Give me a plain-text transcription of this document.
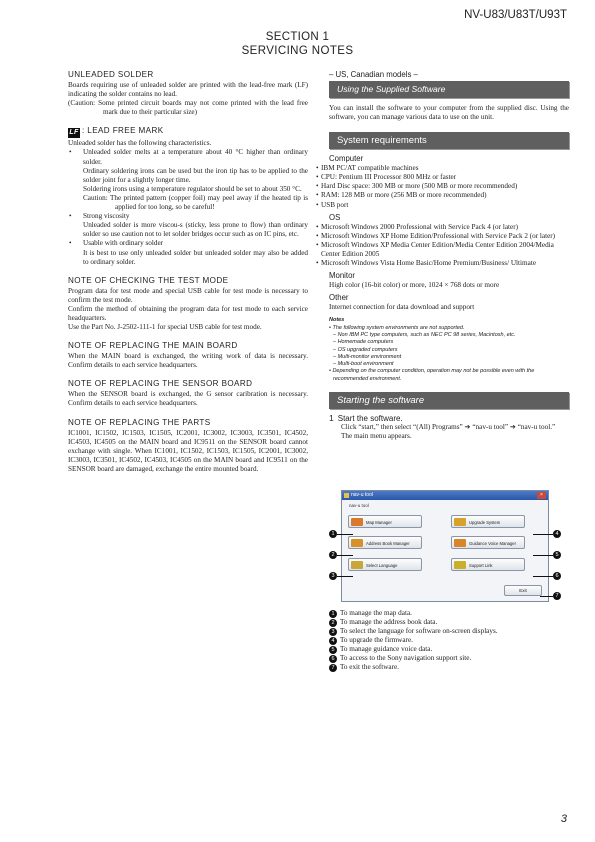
NV-U83/U83T/U93T
SECTION 1
SERVICING NOTES
UNLEADED SOLDER

Boards requiring use of unleaded solder are printed with the lead-free mark (LF) indicating the solder contains no lead.

(Caution: Some printed circuit boards may not come printed with the lead free mark due to their particular size)

LF : LEAD FREE MARK

Unleaded solder has the following characteristics.

• Unleaded solder melts at a temperature about 40 °C higher than ordinary solder.
Ordinary soldering irons can be used but the iron tip has to be applied to the solder joint for a slightly longer time.
Soldering irons using a temperature regulator should be set to about 350 °C.
Caution: The printed pattern (copper foil) may peel away if the heated tip is applied for too long, so be careful!
• Strong viscosity
Unleaded solder is more viscou-s (sticky, less prone to flow) than ordinary solder so use caution not to let solder bridges occur such as on IC pins, etc.
• Usable with ordinary solder
It is best to use only unleaded solder but unleaded solder may also be added to ordinary solder.
NOTE OF CHECKING THE TEST MODE

Program data for test mode and special USB cable for test mode is necessary to confirm the test mode.

Confirm the method of obtaining the program data for test mode to each service headquarters.

Use the Part No. J-2502-111-1 for special USB cable for test mode.

NOTE OF REPLACING THE MAIN BOARD

When the MAIN board is exchanged, the writing work of data is necessary. Confirm details to each service headquarters.

NOTE OF REPLACING THE SENSOR BOARD

When the SENSOR board is exchanged, the G sensor caribration is necessary. Confirm details to each service headquarters.

NOTE OF REPLACING THE PARTS

IC1001, IC1502, IC1503, IC1505, IC2001, IC3002, IC3003, IC3501, IC4502, IC4503, IC4505 on the MAIN board and IC9511 on the SENSOR board cannot exchange with single. When IC1001, IC1502, IC1503, IC1505, IC2001, IC3002, IC3003, IC3501, IC4502, IC4503, IC4505 on the MAIN board and IC9511 on the SENSOR board are damaged, exchange the entire mounted board.

– US, Canadian models –
Using the Supplied Software

You can install the software to your computer from the supplied disc. Using the software, you can manage various data to use on the unit.

System requirements
Computer
• IBM PC/AT compatible machines
• CPU: Pentium III Processor 800 MHz or faster
• Hard Disc space: 300 MB or more (500 MB or more recommended)
• RAM: 128 MB or more (256 MB or more recommended)
• USB port
OS
• Microsoft Windows 2000 Professional with Service Pack 4 (or later)
• Microsoft Windows XP Home Edition/Professional with Service Pack 2 (or later)
• Microsoft Windows XP Media Center Edition/Media Center Edition 2004/Media Center Edition 2005
• Microsoft Windows Vista Home Basic/Home Premium/Business/ Ultimate
Monitor

High color (16-bit color) or more, 1024 × 768 dots or more

Other

Internet connection for data download and support

Notes
• The following system environments are not supported.
– Non IBM PC type computers, such as NEC PC 98 series, Macintosh, etc.
– Homemade computers
– OS upgraded computers
– Multi-monitor environment
– Multi-boot environment
• Depending on the computer condition, operation may not be possible even with the recommended environment.
Starting the software
1 Start the software.

Click “start,” then select “(All) Programs” ➔ “nav-u tool” ➔ “nav-u tool.”

The main menu appears.

nav-u tool	×
nav-u tool
Map Manager
Address Book Manager
Select Language
Upgrade System
Guidance Voice Manager
Support Link
Exit
1
2
3
4
5
6
7
1 To manage the map data.
2 To manage the address book data.
3 To select the language for software on-screen displays.
4 To upgrade the firmware.
5 To manage guidance voice data.
6 To access to the Sony navigation support site.
7 To exit the software.
3
